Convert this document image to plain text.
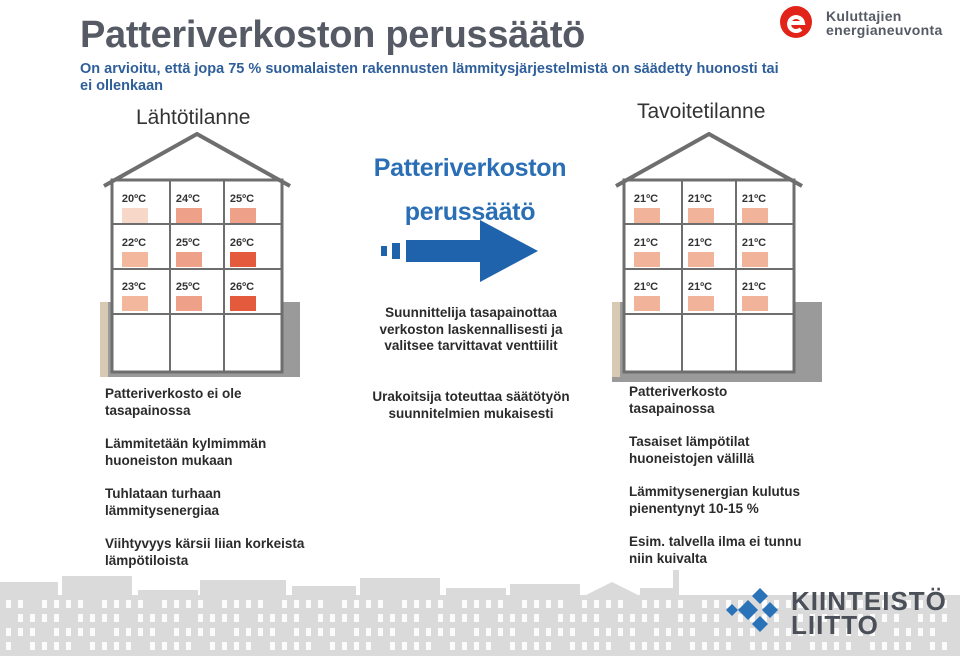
Patteriverkoston perussäätö
On arvioitu, että jopa 75 % suomalaisten rakennusten lämmitysjärjestelmistä on säädetty huonosti tai ei ollenkaan
Kuluttajien
energianeuvonta
Lähtötilanne	Tavoitetilanne
20ºC	24ºC	25ºC
22ºC	25ºC	26ºC
23ºC	25ºC	26ºC
21ºC	21ºC	21ºC
21ºC	21ºC	21ºC
21ºC	21ºC	21ºC
Patteriverkoston
perussäätö
Suunnittelija tasapainottaa verkoston laskennallisesti ja valitsee tarvittavat venttiilit
Urakoitsija toteuttaa säätötyön suunnitelmien mukaisesti
Patteriverkosto ei ole tasapainossa
Lämmitetään kylmimmän huoneiston mukaan
Tuhlataan turhaan lämmitysenergiaa
Viihtyvyys kärsii liian korkeista lämpötiloista
Patteriverkosto tasapainossa
Tasaiset lämpötilat huoneistojen välillä
Lämmitysenergian kulutus pienentynyt 10-15 %
Esim. talvella ilma ei tunnu niin kuivalta
KIINTEISTÖ
LIITTO
